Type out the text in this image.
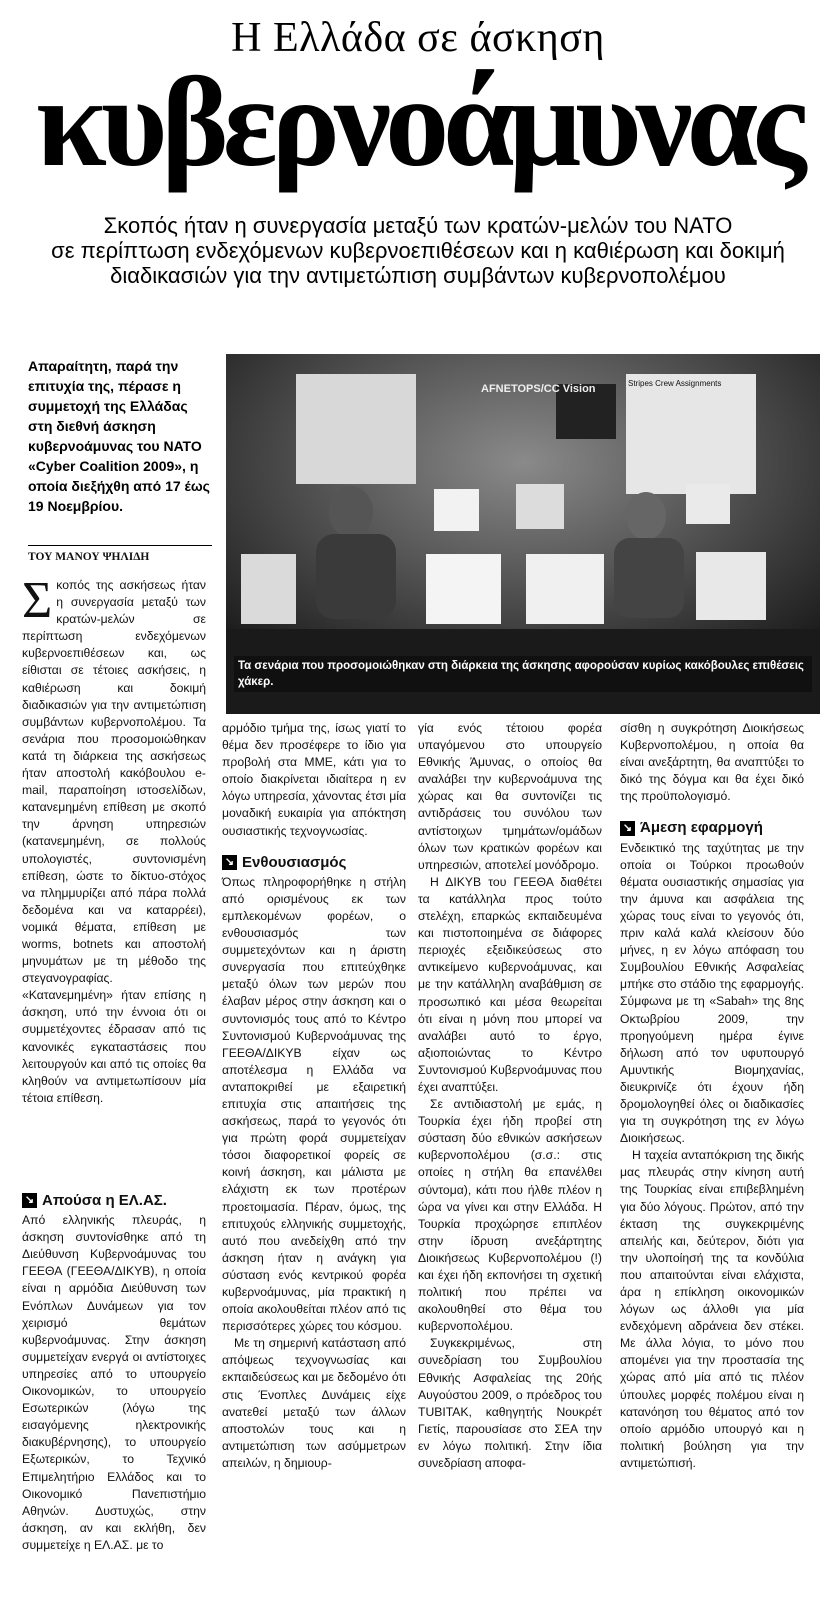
Η Ελλάδα σε άσκηση
κυβερνοάμυνας
Σκοπός ήταν η συνεργασία μεταξύ των κρατών-μελών του ΝΑΤΟ
σε περίπτωση ενδεχόμενων κυβερνοεπιθέσεων και η καθιέρωση και δοκιμή
διαδικασιών για την αντιμετώπιση συμβάντων κυβερνοπολέμου
Απαραίτητη, παρά την επιτυχία της, πέρασε η συμμετοχή της Ελλάδας στη διεθνή άσκηση κυβερνοάμυνας του ΝΑΤΟ «Cyber Coalition 2009», η οποία διεξήχθη από 17 έως 19 Νοεμβρίου.
ΤΟΥ ΜΑΝΟΥ ΨΗΛΙΔΗ
AFNETOPS/CC Vision	Stripes Crew Assignments
Τα σενάρια που προσομοιώθηκαν στη διάρκεια της άσκησης αφορούσαν κυρίως κακόβουλες επιθέσεις χάκερ.

Σκοπός της ασκήσεως ήταν η συνεργασία μεταξύ των κρατών-μελών σε περίπτωση ενδεχόμενων κυβερνοεπιθέσεων και, ως είθισται σε τέτοιες ασκήσεις, η καθιέρωση και δοκιμή διαδικασιών για την αντιμετώπιση συμβάντων κυβερνοπολέμου. Τα σενάρια που προσομοιώθηκαν κατά τη διάρκεια της ασκήσεως ήταν αποστολή κακόβουλου e-mail, παραποίηση ιστοσελίδων, κατανεμημένη επίθεση με σκοπό την άρνηση υπηρεσιών (κατανεμημένη, σε πολλούς υπολογιστές, συντονισμένη επίθεση, ώστε το δίκτυο-στόχος να πλημμυρίζει από πάρα πολλά δεδομένα και να καταρρέει), νομικά θέματα, επίθεση με worms, botnets και αποστολή μηνυμάτων με τη μέθοδο της στεγανογραφίας. «Κατανεμημένη» ήταν επίσης η άσκηση, υπό την έννοια ότι οι συμμετέχοντες έδρασαν από τις κανονικές εγκαταστάσεις που λειτουργούν και από τις οποίες θα κληθούν να αντιμετωπίσουν μία τέτοια επίθεση.

↘ Απούσα η ΕΛ.ΑΣ.

Από ελληνικής πλευράς, η άσκηση συντονίσθηκε από τη Διεύθυνση Κυβερνοάμυνας του ΓΕΕΘΑ (ΓΕΕΘΑ/ΔΙΚΥΒ), η οποία είναι η αρμόδια Διεύθυνση των Ενόπλων Δυνάμεων για τον χειρισμό θεμάτων κυβερνοάμυνας. Στην άσκηση συμμετείχαν ενεργά οι αντίστοιχες υπηρεσίες από το υπουργείο Οικονομικών, το υπουργείο Εσωτερικών (λόγω της εισαγόμενης ηλεκτρονικής διακυβέρνησης), το υπουργείο Εξωτερικών, το Τεχνικό Επιμελητήριο Ελλάδος και το Οικονομικό Πανεπιστήμιο Αθηνών. Δυστυχώς, στην άσκηση, αν και εκλήθη, δεν συμμετείχε η ΕΛ.ΑΣ. με το

αρμόδιο τμήμα της, ίσως γιατί το θέμα δεν προσέφερε το ίδιο για προβολή στα ΜΜΕ, κάτι για το οποίο διακρίνεται ιδιαίτερα η εν λόγω υπηρεσία, χάνοντας έτσι μία μοναδική ευκαιρία για απόκτηση ουσιαστικής τεχνογνωσίας.

↘ Ενθουσιασμός

Όπως πληροφορήθηκε η στήλη από ορισμένους εκ των εμπλεκομένων φορέων, ο ενθουσιασμός των συμμετεχόντων και η άριστη συνεργασία που επιτεύχθηκε μεταξύ όλων των μερών που έλαβαν μέρος στην άσκηση και ο συντονισμός τους από το Κέντρο Συντονισμού Κυβερνοάμυνας της ΓΕΕΘΑ/ΔΙΚΥΒ είχαν ως αποτέλεσμα η Ελλάδα να ανταποκριθεί με εξαιρετική επιτυχία στις απαιτήσεις της ασκήσεως, παρά το γεγονός ότι για πρώτη φορά συμμετείχαν τόσοι διαφορετικοί φορείς σε κοινή άσκηση, και μάλιστα με ελάχιστη εκ των προτέρων προετοιμασία. Πέραν, όμως, της επιτυχούς ελληνικής συμμετοχής, αυτό που ανεδείχθη από την άσκηση ήταν η ανάγκη για σύσταση ενός κεντρικού φορέα κυβερνοάμυνας, μία πρακτική η οποία ακολουθείται πλέον από τις περισσότερες χώρες του κόσμου.

Με τη σημερινή κατάσταση από απόψεως τεχνογνωσίας και εκπαιδεύσεως και με δεδομένο ότι στις Ένοπλες Δυνάμεις είχε ανατεθεί μεταξύ των άλλων αποστολών τους και η αντιμετώπιση των ασύμμετρων απειλών, η δημιουρ-

γία ενός τέτοιου φορέα υπαγόμενου στο υπουργείο Εθνικής Άμυνας, ο οποίος θα αναλάβει την κυβερνοάμυνα της χώρας και θα συντονίζει τις αντιδράσεις του συνόλου των αντίστοιχων τμημάτων/ομάδων όλων των κρατικών φορέων και υπηρεσιών, αποτελεί μονόδρομο.

Η ΔΙΚΥΒ του ΓΕΕΘΑ διαθέτει τα κατάλληλα προς τούτο στελέχη, επαρκώς εκπαιδευμένα και πιστοποιημένα σε διάφορες περιοχές εξειδικεύσεως στο αντικείμενο κυβερνοάμυνας, και με την κατάλληλη αναβάθμιση σε προσωπικό και μέσα θεωρείται ότι είναι η μόνη που μπορεί να αναλάβει αυτό το έργο, αξιοποιώντας το Κέντρο Συντονισμού Κυβερνοάμυνας που έχει αναπτύξει.

Σε αντιδιαστολή με εμάς, η Τουρκία έχει ήδη προβεί στη σύσταση δύο εθνικών ασκήσεων κυβερνοπολέμου (σ.σ.: στις οποίες η στήλη θα επανέλθει σύντομα), κάτι που ήλθε πλέον η ώρα να γίνει και στην Ελλάδα. Η Τουρκία προχώρησε επιπλέον στην ίδρυση ανεξάρτητης Διοικήσεως Κυβερνοπολέμου (!) και έχει ήδη εκπονήσει τη σχετική πολιτική που πρέπει να ακολουθηθεί στο θέμα του κυβερνοπολέμου.

Συγκεκριμένως, στη συνεδρίαση του Συμβουλίου Εθνικής Ασφαλείας της 20ής Αυγούστου 2009, ο πρόεδρος του TUBITAK, καθηγητής Νουκρέτ Γιετίς, παρουσίασε στο ΣΕΑ την εν λόγω πολιτική. Στην ίδια συνεδρίαση αποφα-

σίσθη η συγκρότηση Διοικήσεως Κυβερνοπολέμου, η οποία θα είναι ανεξάρτητη, θα αναπτύξει το δικό της δόγμα και θα έχει δικό της προϋπολογισμό.

↘ Άμεση εφαρμογή

Ενδεικτικό της ταχύτητας με την οποία οι Τούρκοι προωθούν θέματα ουσιαστικής σημασίας για την άμυνα και ασφάλεια της χώρας τους είναι το γεγονός ότι, πριν καλά καλά κλείσουν δύο μήνες, η εν λόγω απόφαση του Συμβουλίου Εθνικής Ασφαλείας μπήκε στο στάδιο της εφαρμογής. Σύμφωνα με τη «Sabah» της 8ης Οκτωβρίου 2009, την προηγούμενη ημέρα έγινε δήλωση από τον υφυπουργό Αμυντικής Βιομηχανίας, διευκρινίζε ότι έχουν ήδη δρομολογηθεί όλες οι διαδικασίες για τη συγκρότηση της εν λόγω Διοικήσεως.

Η ταχεία ανταπόκριση της δικής μας πλευράς στην κίνηση αυτή της Τουρκίας είναι επιβεβλημένη για δύο λόγους. Πρώτον, από την έκταση της συγκεκριμένης απειλής και, δεύτερον, διότι για την υλοποίησή της τα κονδύλια που απαιτούνται είναι ελάχιστα, άρα η επίκληση οικονομικών λόγων ως άλλοθι για μία ενδεχόμενη αδράνεια δεν στέκει. Με άλλα λόγια, το μόνο που απομένει για την προστασία της χώρας από μία από τις πλέον ύπουλες μορφές πολέμου είναι η κατανόηση του θέματος από τον οποίο αρμόδιο υπουργό και η πολιτική βούληση για την αντιμετώπισή.
